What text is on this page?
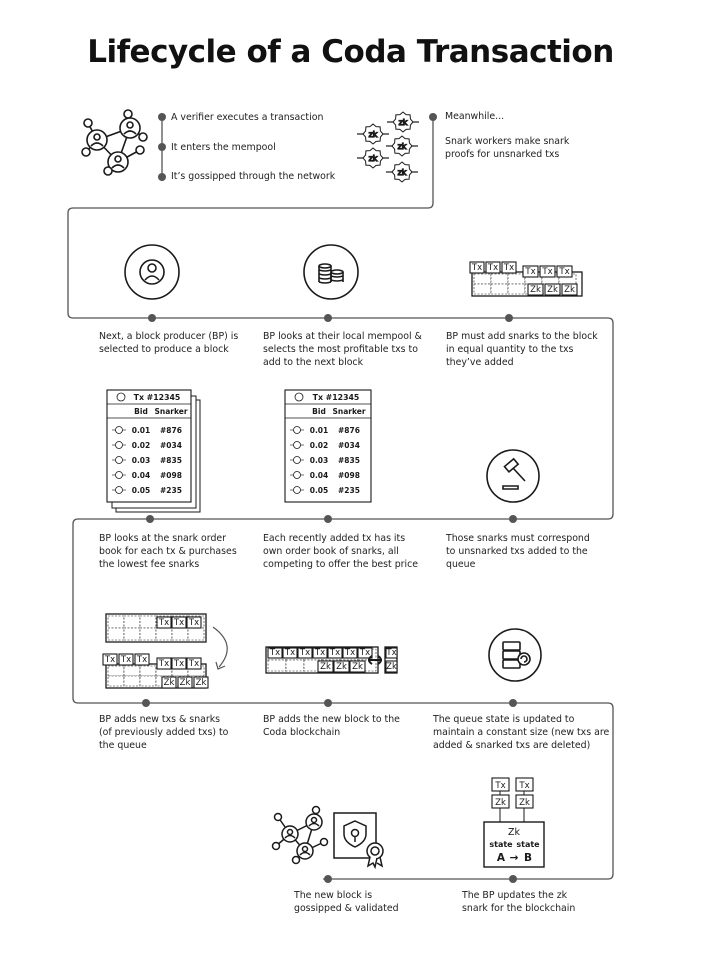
Lifecycle of a Coda Transaction
zk
zk
zk
zk
zk
Tx Tx Tx Tx Tx Tx
Zk Zk Zk
Tx #12345
Bid Snarker
0.01 #876
0.02 #034
0.03 #835
0.04 #098
0.05 #235
Tx #12345
Bid Snarker
0.01 #876
0.02 #034
0.03 #835
0.04 #098
0.05 #235
Tx Tx Tx
Tx Tx Tx Tx Tx Tx
Zk Zk Zk
Tx Tx Tx Tx Tx Tx Tx
Zk Zk Zk
Tx
Zk
Tx Tx
Zk Zk
Zk
state state
A → B
A verifier executes a transaction
It enters the mempool
It’s gossipped through the network
Meanwhile...
Snark workers make snark
proofs for unsnarked txs
Next, a block producer (BP) is
selected to produce a block
BP looks at their local mempool &
selects the most profitable txs to
add to the next block
BP must add snarks to the block
in equal quantity to the txs
they’ve added
BP looks at the snark order
book for each tx & purchases
the lowest fee snarks
Each recently added tx has its
own order book of snarks, all
competing to offer the best price
Those snarks must correspond
to unsnarked txs added to the
queue
BP adds new txs & snarks
(of previously added txs) to
the queue
BP adds the new block to the
Coda blockchain
The queue state is updated to
maintain a constant size (new txs are
added & snarked txs are deleted)
The new block is
gossipped & validated
The BP updates the zk
snark for the blockchain
